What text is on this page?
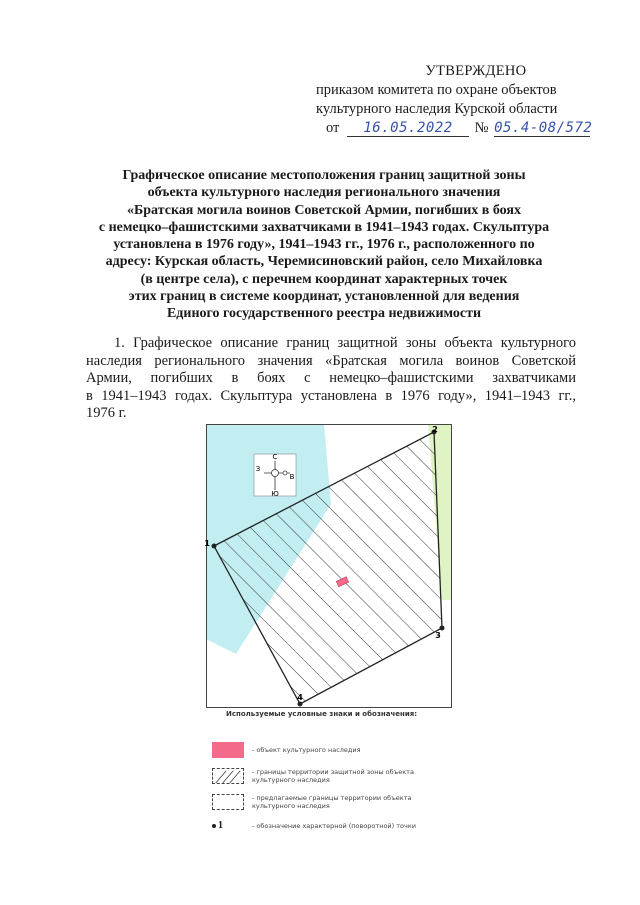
УТВЕРЖДЕНО
приказом комитета по охране объектов
культурного наследия Курской области
от 16.05.2022 № 05.4-08/572
Графическое описание местоположения границ защитной зоны
объекта культурного наследия регионального значения
«Братская могила воинов Советской Армии, погибших в боях
с немецко–фашистскими захватчиками в 1941–1943 годах. Скульптура
установлена в 1976 году», 1941–1943 гг., 1976 г., расположенного по
адресу: Курская область, Черемисиновский район, село Михайловка
(в центре села), с перечнем координат характерных точек
этих границ в системе координат, установленной для ведения
Единого государственного реестра недвижимости
1. Графическое описание границ защитной зоны объекта культурного
наследия регионального значения «Братская могила воинов Советской
Армии, погибших в боях с немецко–фашистскими захватчиками
в 1941–1943 годах. Скульптура установлена в 1976 году», 1941–1943 гг.,
1976 г.
С
Ю
З
В
1
2
3
4
Используемые условные знаки и обозначения:
- объект культурного наследия
- границы территории защитной зоны объекта культурного наследия
- предлагаемые границы территории объекта культурного наследия
1	- обозначение характерной (поворотной) точки
